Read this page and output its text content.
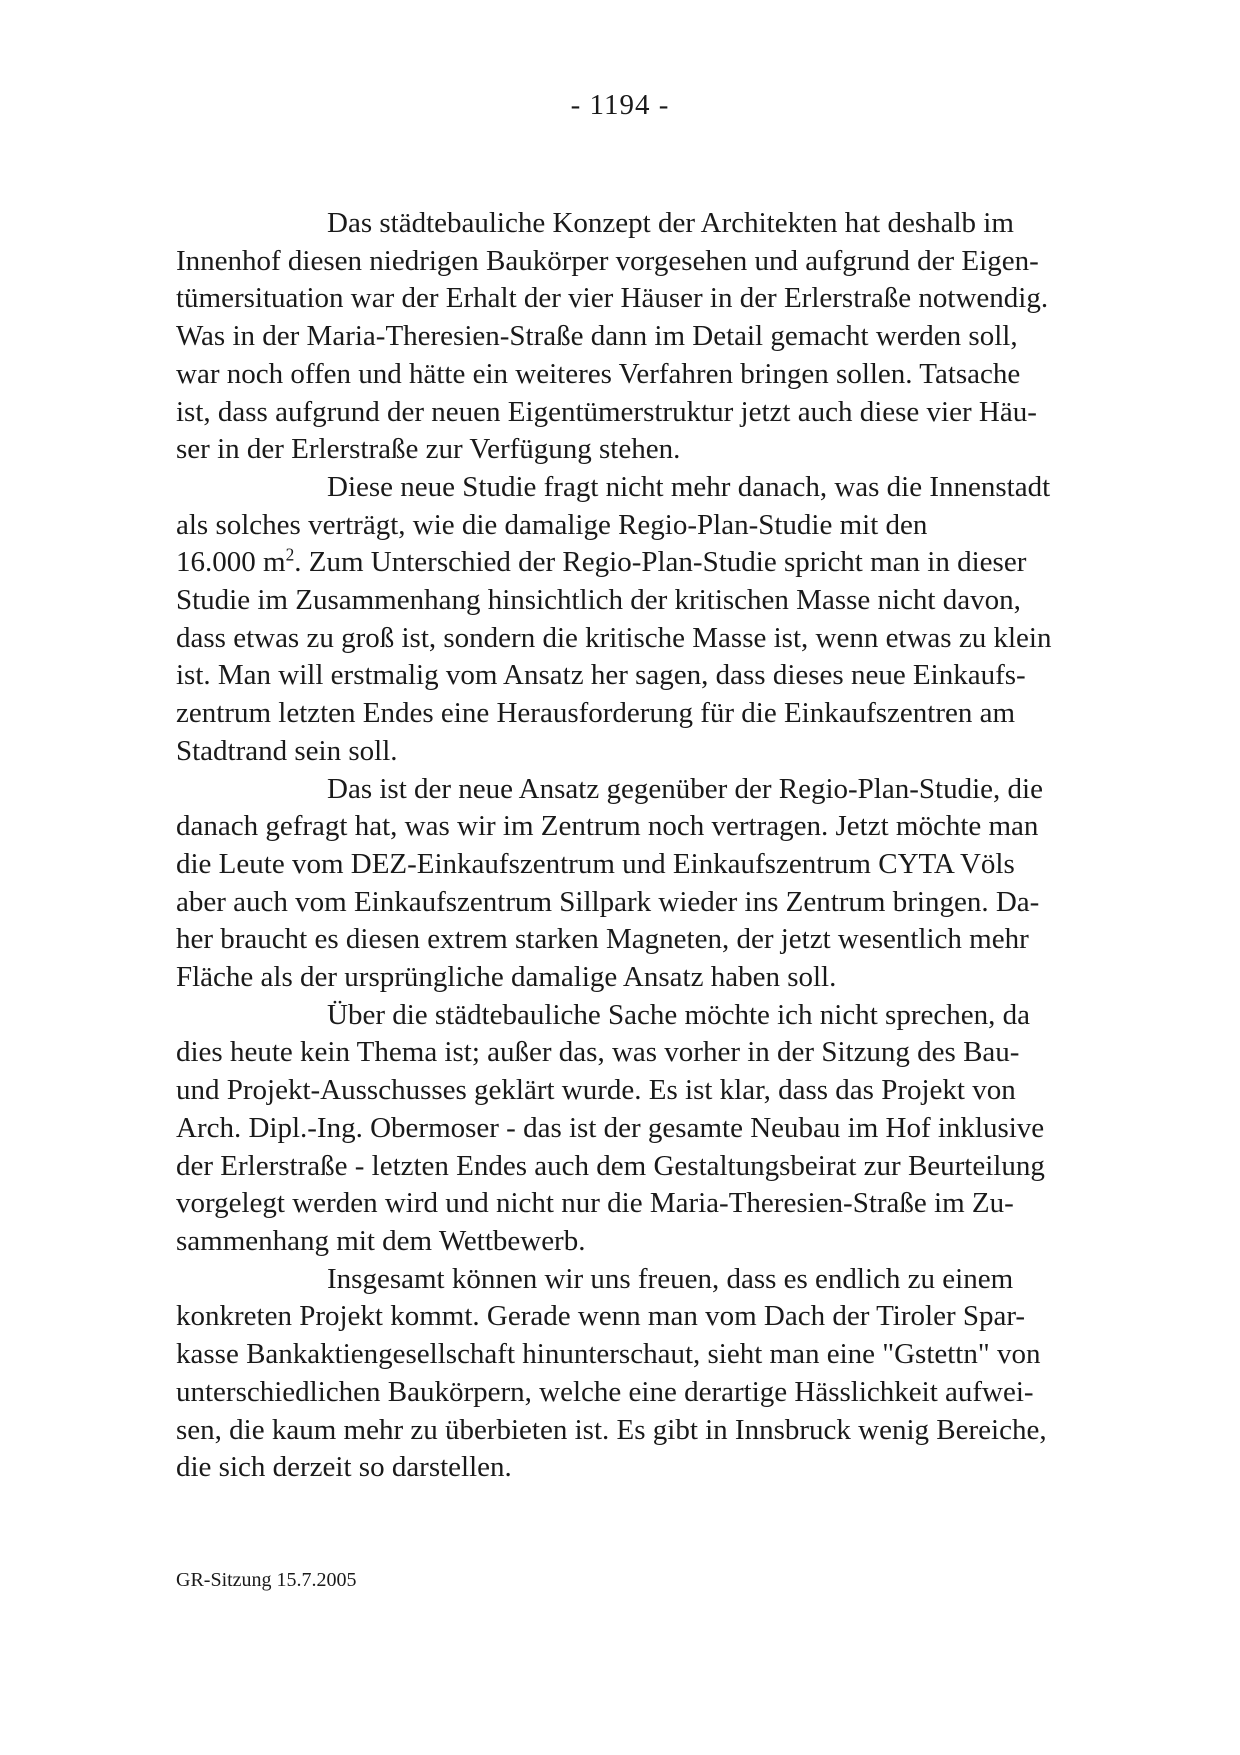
- 1194 -
Das städtebauliche Konzept der Architekten hat deshalb im
Innenhof diesen niedrigen Baukörper vorgesehen und aufgrund der Eigen-
tümersituation war der Erhalt der vier Häuser in der Erlerstraße notwendig.
Was in der Maria-Theresien-Straße dann im Detail gemacht werden soll,
war noch offen und hätte ein weiteres Verfahren bringen sollen. Tatsache
ist, dass aufgrund der neuen Eigentümerstruktur jetzt auch diese vier Häu-
ser in der Erlerstraße zur Verfügung stehen.
Diese neue Studie fragt nicht mehr danach, was die Innenstadt
als solches verträgt, wie die damalige Regio-Plan-Studie mit den
16.000 $m^2$. Zum Unterschied der Regio-Plan-Studie spricht man in dieser
Studie im Zusammenhang hinsichtlich der kritischen Masse nicht davon,
dass etwas zu groß ist, sondern die kritische Masse ist, wenn etwas zu klein
ist. Man will erstmalig vom Ansatz her sagen, dass dieses neue Einkaufs-
zentrum letzten Endes eine Herausforderung für die Einkaufszentren am
Stadtrand sein soll.
Das ist der neue Ansatz gegenüber der Regio-Plan-Studie, die
danach gefragt hat, was wir im Zentrum noch vertragen. Jetzt möchte man
die Leute vom DEZ-Einkaufszentrum und Einkaufszentrum CYTA Völs
aber auch vom Einkaufszentrum Sillpark wieder ins Zentrum bringen. Da-
her braucht es diesen extrem starken Magneten, der jetzt wesentlich mehr
Fläche als der ursprüngliche damalige Ansatz haben soll.
Über die städtebauliche Sache möchte ich nicht sprechen, da
dies heute kein Thema ist; außer das, was vorher in der Sitzung des Bau-
und Projekt-Ausschusses geklärt wurde. Es ist klar, dass das Projekt von
Arch. Dipl.-Ing. Obermoser - das ist der gesamte Neubau im Hof inklusive
der Erlerstraße - letzten Endes auch dem Gestaltungsbeirat zur Beurteilung
vorgelegt werden wird und nicht nur die Maria-Theresien-Straße im Zu-
sammenhang mit dem Wettbewerb.
Insgesamt können wir uns freuen, dass es endlich zu einem
konkreten Projekt kommt. Gerade wenn man vom Dach der Tiroler Spar-
kasse Bankaktiengesellschaft hinunterschaut, sieht man eine "Gstettn" von
unterschiedlichen Baukörpern, welche eine derartige Hässlichkeit aufwei-
sen, die kaum mehr zu überbieten ist. Es gibt in Innsbruck wenig Bereiche,
die sich derzeit so darstellen.
GR-Sitzung 15.7.2005
